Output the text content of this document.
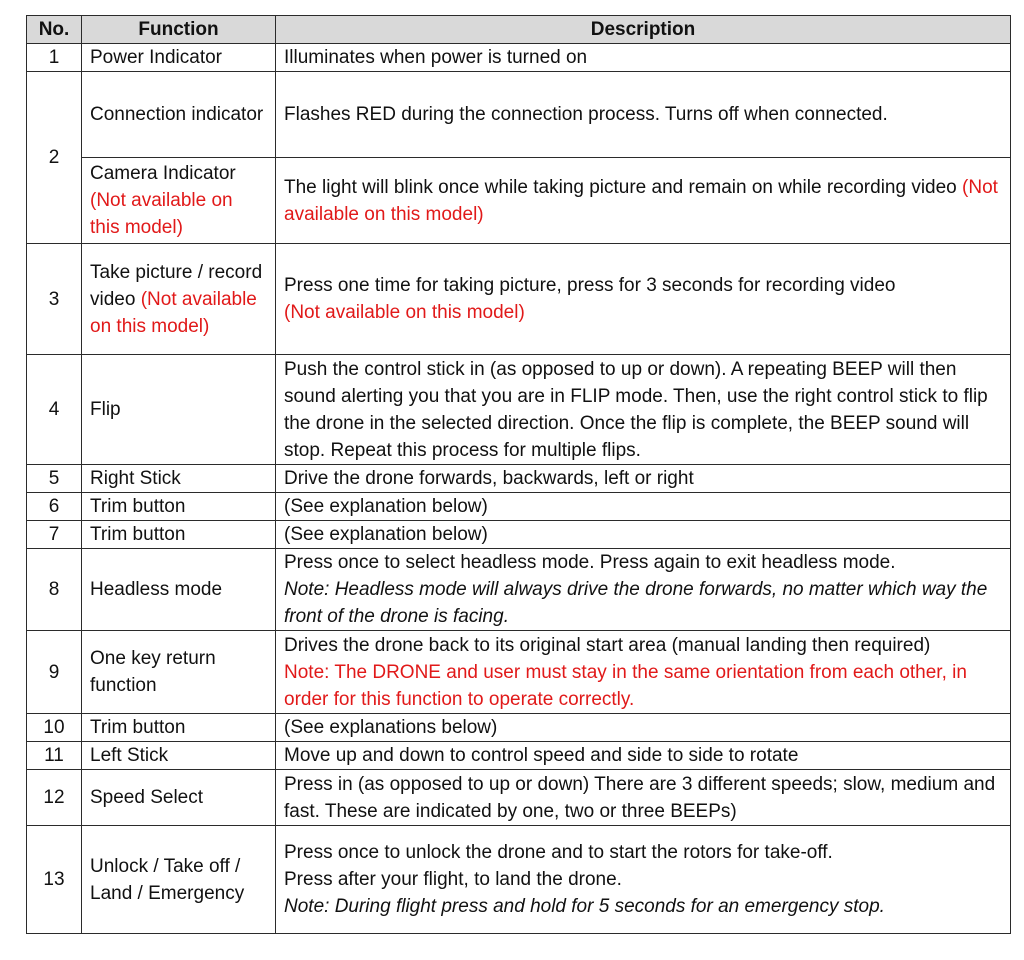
No.	Function	Description
1	Power Indicator	Illuminates when power is turned on
2	Connection indicator	Flashes RED during the connection process. Turns off when connected.
	Camera Indicator (Not available on this model)	The light will blink once while taking picture and remain on while recording video (Not available on this model)
3	Take picture / record video (Not available on this model)	Press one time for taking picture, press for 3 seconds for recording video
(Not available on this model)

4	Flip	Push the control stick in (as opposed to up or down). A repeating BEEP will then sound alerting you that you are in FLIP mode. Then, use the right control stick to flip the drone in the selected direction. Once the flip is complete, the BEEP sound will stop. Repeat this process for multiple flips.
5	Right Stick	Drive the drone forwards, backwards, left or right
6	Trim button	(See explanation below)
7	Trim button	(See explanation below)
8	Headless mode	Press once to select headless mode. Press again to exit headless mode.
Note: Headless mode will always drive the drone forwards, no matter which way the front of the drone is facing.

9	One key return function	Drives the drone back to its original start area (manual landing then required)
Note: The DRONE and user must stay in the same orientation from each other, in order for this function to operate correctly.

10	Trim button	(See explanations below)
11	Left Stick	Move up and down to control speed and side to side to rotate
12	Speed Select	Press in (as opposed to up or down) There are 3 different speeds; slow, medium and fast. These are indicated by one, two or three BEEPs)
13	Unlock / Take off / Land / Emergency	Press once to unlock the drone and to start the rotors for take-off.
Press after your flight, to land the drone.
Note: During flight press and hold for 5 seconds for an emergency stop.
